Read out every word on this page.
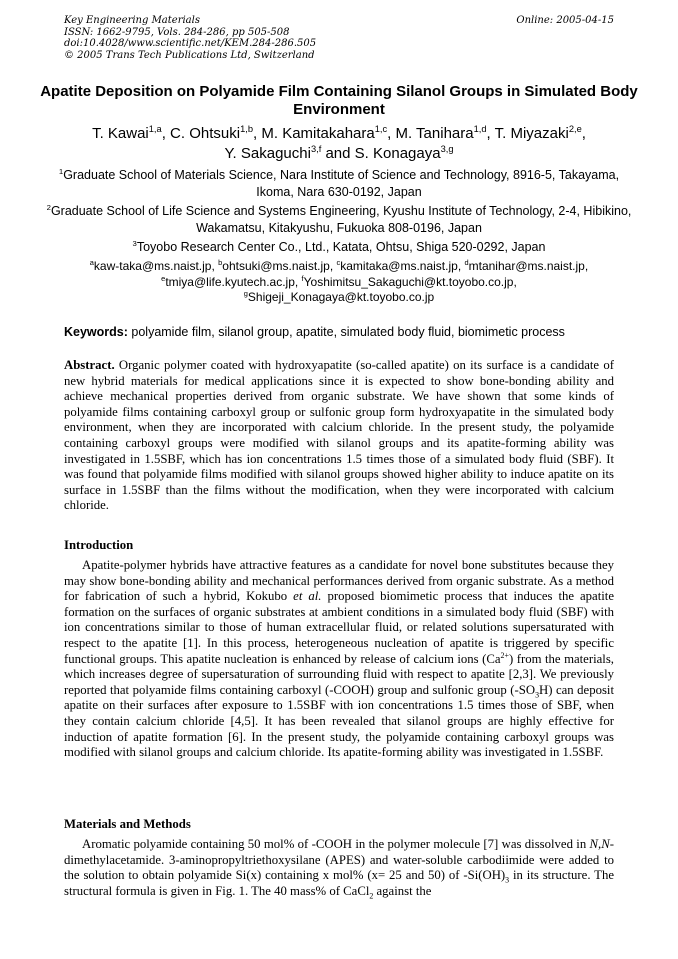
Key Engineering Materials
ISSN: 1662-9795, Vols. 284-286, pp 505-508
doi:10.4028/www.scientific.net/KEM.284-286.505
© 2005 Trans Tech Publications Ltd, Switzerland
Online: 2005-04-15
Apatite Deposition on Polyamide Film Containing Silanol Groups in Simulated Body Environment
T. Kawai$^{1,a}$, C. Ohtsuki$^{1,b}$, M. Kamitakahara$^{1,c}$, M. Tanihara$^{1,d}$, T. Miyazaki$^{2,e}$,
Y. Sakaguchi$^{3,f}$ and S. Konagaya$^{3,g}$
$^1$Graduate School of Materials Science, Nara Institute of Science and Technology, 8916-5, Takayama, Ikoma, Nara 630-0192, Japan
$^2$Graduate School of Life Science and Systems Engineering, Kyushu Institute of Technology, 2-4, Hibikino, Wakamatsu, Kitakyushu, Fukuoka 808-0196, Japan
$^3$Toyobo Research Center Co., Ltd., Katata, Ohtsu, Shiga 520-0292, Japan
$^a$kaw-taka@ms.naist.jp, $^b$ohtsuki@ms.naist.jp, $^c$kamitaka@ms.naist.jp, $^d$mtanihar@ms.naist.jp,
$^e$tmiya@life.kyutech.ac.jp, $^f$Yoshimitsu_Sakaguchi@kt.toyobo.co.jp,
$^g$Shigeji_Konagaya@kt.toyobo.co.jp
Keywords: polyamide film, silanol group, apatite, simulated body fluid, biomimetic process
Abstract. Organic polymer coated with hydroxyapatite (so-called apatite) on its surface is a candidate of new hybrid materials for medical applications since it is expected to show bone-bonding ability and achieve mechanical properties derived from organic substrate. We have shown that some kinds of polyamide films containing carboxyl group or sulfonic group form hydroxyapatite in the simulated body environment, when they are incorporated with calcium chloride. In the present study, the polyamide containing carboxyl groups were modified with silanol groups and its apatite-forming ability was investigated in 1.5SBF, which has ion concentrations 1.5 times those of a simulated body fluid (SBF). It was found that polyamide films modified with silanol groups showed higher ability to induce apatite on its surface in 1.5SBF than the films without the modification, when they were incorporated with calcium chloride.
Introduction
Apatite-polymer hybrids have attractive features as a candidate for novel bone substitutes because they may show bone-bonding ability and mechanical performances derived from organic substrate. As a method for fabrication of such a hybrid, Kokubo et al. proposed biomimetic process that induces the apatite formation on the surfaces of organic substrates at ambient conditions in a simulated body fluid (SBF) with ion concentrations similar to those of human extracellular fluid, or related solutions supersaturated with respect to the apatite [1]. In this process, heterogeneous nucleation of apatite is triggered by specific functional groups. This apatite nucleation is enhanced by release of calcium ions $(Ca^{2+})$ from the materials, which increases degree of supersaturation of surrounding fluid with respect to apatite [2,3]. We previously reported that polyamide films containing carboxyl (-COOH) group and sulfonic group $(-SO_3H)$ can deposit apatite on their surfaces after exposure to 1.5SBF with ion concentrations 1.5 times those of SBF, when they contain calcium chloride [4,5]. It has been revealed that silanol groups are highly effective for induction of apatite formation [6]. In the present study, the polyamide containing carboxyl groups was modified with silanol groups and calcium chloride. Its apatite-forming ability was investigated in 1.5SBF.
Materials and Methods
Aromatic polyamide containing 50 mol% of -COOH in the polymer molecule [7] was dissolved in N,N-dimethylacetamide. 3-aminopropyltriethoxysilane (APES) and water-soluble carbodiimide were added to the solution to obtain polyamide Si(x) containing x mol% (x= 25 and 50) of $-Si(OH)_3$ in its structure. The structural formula is given in Fig. 1. The 40 mass% of CaCl$_2$ against the
